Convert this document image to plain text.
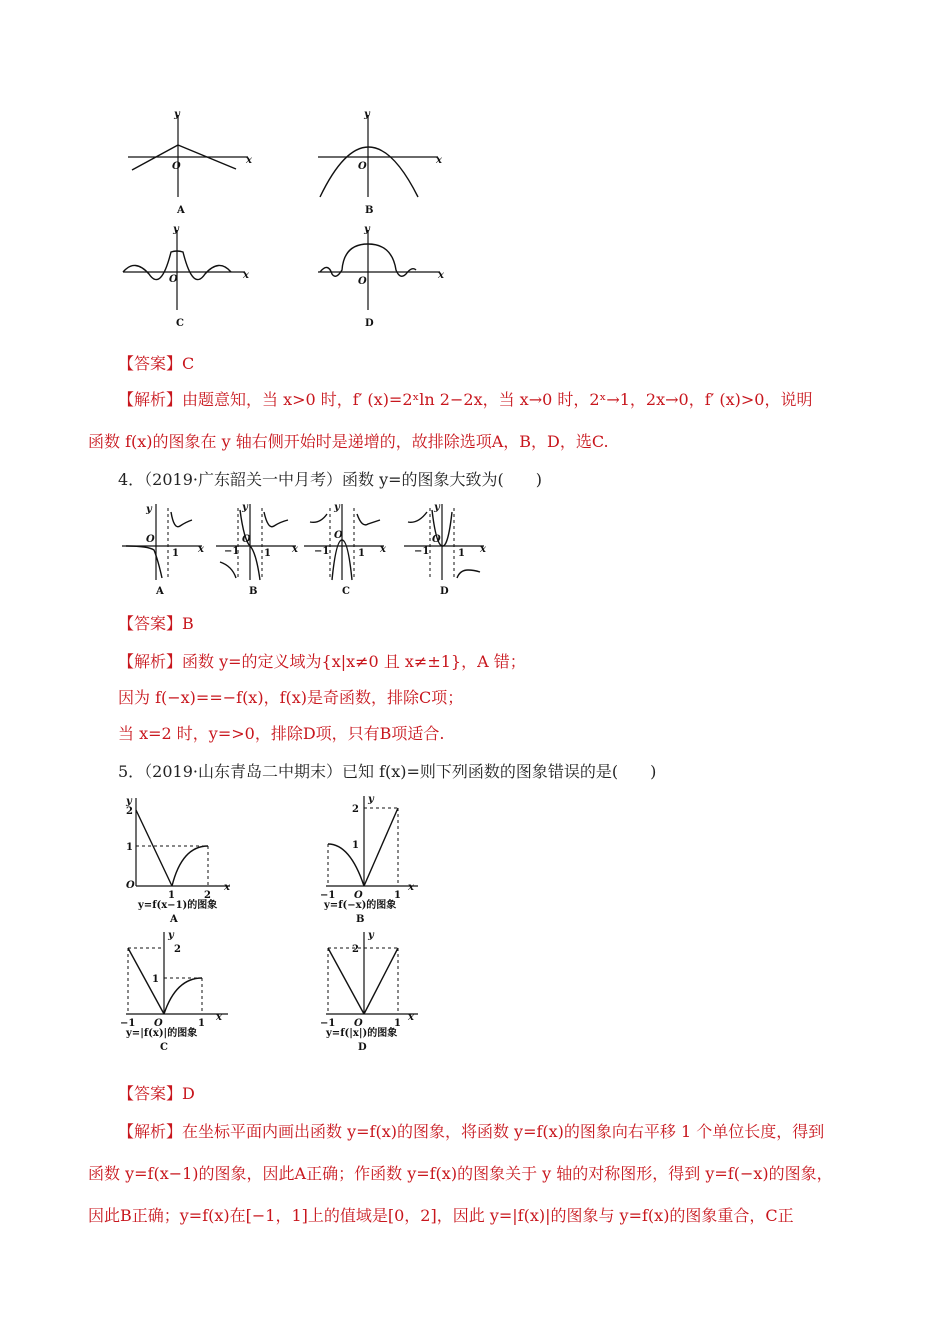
y
x
O
A
y
x
O
B
y
x
O
C
y
x
O
D
【答案】C
【解析】由题意知，当 x>0 时，f′ (x)=2ˣln 2−2x，当 x→0 时，2ˣ→1，2x→0，f′ (x)>0，说明
函数 f(x)的图象在 y 轴右侧开始时是递增的，故排除选项A，B，D，选C.
4．（2019·广东韶关一中月考）函数 y=的图象大致为(　　)
y
x
O
1
A
y
x
O
−1 1
B
y
x
O
−1	1
C
y
x
O
−1	1
D
【答案】B
【解析】函数 y=的定义域为{x|x≠0 且 x≠±1}，A 错；
因为 f(−x)==−f(x)，f(x)是奇函数，排除C项；
当 x=2 时，y=>0，排除D项，只有B项适合.
5．（2019·山东青岛二中期末）已知 f(x)=则下列函数的图象错误的是(　　)
y
2
1
O
1	2
x
y=f(x−1)的图象
A
y
2
1
−1 O	1
x
y=f(−x)的图象
B
y
2
1
−1 O	1
x
y=|f(x)|的图象
C
y
2
−1 O	1
x
y=f(|x|)的图象
D
【答案】D
【解析】在坐标平面内画出函数 y=f(x)的图象，将函数 y=f(x)的图象向右平移 1 个单位长度，得到
函数 y=f(x−1)的图象，因此A正确；作函数 y=f(x)的图象关于 y 轴的对称图形，得到 y=f(−x)的图象，
因此B正确；y=f(x)在[−1，1]上的值域是[0，2]，因此 y=|f(x)|的图象与 y=f(x)的图象重合，C正
